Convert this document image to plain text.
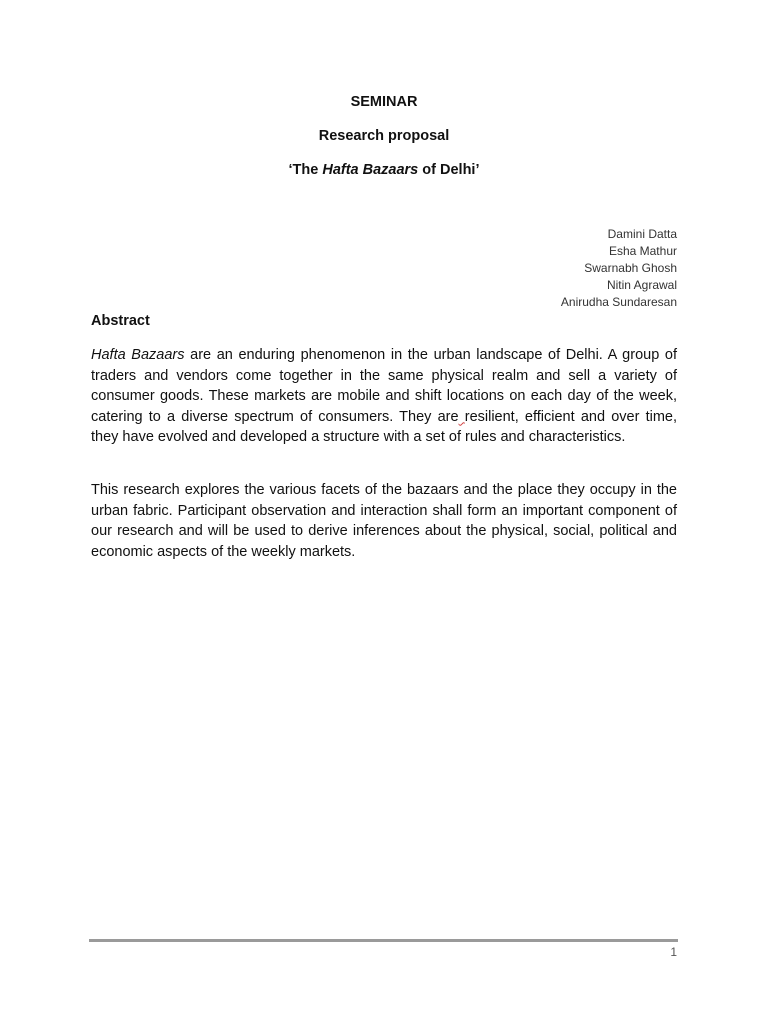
SEMINAR
Research proposal
‘The Hafta Bazaars of Delhi’
Damini Datta
Esha Mathur
Swarnabh Ghosh
Nitin Agrawal
Anirudha Sundaresan
Abstract

Hafta Bazaars are an enduring phenomenon in the urban landscape of Delhi. A group of traders and vendors come together in the same physical realm and sell a variety of consumer goods. These markets are mobile and shift locations on each day of the week, catering to a diverse spectrum of consumers. They are resilient, efficient and over time, they have evolved and developed a structure with a set of rules and characteristics.

This research explores the various facets of the bazaars and the place they occupy in the urban fabric. Participant observation and interaction shall form an important component of our research and will be used to derive inferences about the physical, social, political and economic aspects of the weekly markets.

1
